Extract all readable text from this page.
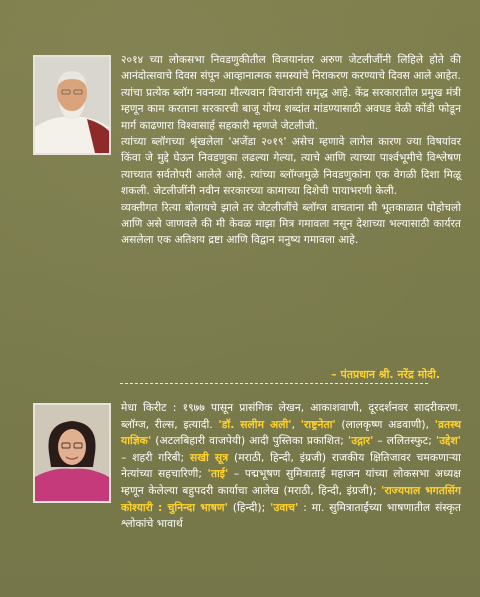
२०१४ च्या लोकसभा निवडणुकीतील विजयानंतर अरुण जेटलीजींनी लिहिले होते की आनंदोत्सवाचे दिवस संपून आव्हानात्मक समस्यांचे निराकरण करण्याचे दिवस आले आहेत.

त्यांचा प्रत्येक ब्लॉग नवनव्या मौल्यवान विचारांनी समृद्ध आहे. केंद्र सरकारातील प्रमुख मंत्री म्हणून काम करताना सरकारची बाजू योग्य शब्दांत मांडण्यासाठी अवघड वेळी कोंडी फोडून मार्ग काढणारा विश्वासार्ह सहकारी म्हणजे जेटलीजी.

त्यांच्या ब्लॉगच्या श्रृंखलेला 'अजेंडा २०१९' असेच म्हणावे लागेल कारण ज्या विषयांवर किंवा जे मुद्दे घेऊन निवडणुका लढल्या गेल्या, त्याचे आणि त्याच्या पार्श्वभूमीचे विश्लेषण त्याच्यात सर्वतोपरी आलेले आहे. त्यांच्या ब्लॉग्जमुळे निवडणुकांना एक वेगळी दिशा मिळू शकली. जेटलीजींनी नवीन सरकारच्या कामाच्या दिशेची पायाभरणी केली.

व्यक्तीगत रित्या बोलायचे झाले तर जेटलीजींचे ब्लॉग्ज वाचताना मी भूतकाळात पोहोचलो आणि असे जाणवले की मी केवळ माझा मित्र गमावला नसून देशाच्या भल्यासाठी कार्यरत असलेला एक अतिशय द्रष्टा आणि विद्वान मनुष्य गमावला आहे.

– पंतप्रधान श्री. नरेंद्र मोदी.

मेधा किरीट : १९७७ पासून प्रासंगिक लेखन, आकाशवाणी, दूरदर्शनवर सादरीकरण. ब्लॉग्ज, रील्स, इत्यादी. 'डॉ. सलीम अली', 'राष्ट्रनेता' (लालकृष्ण अडवाणी), 'व्रतस्थ याज्ञिक' (अटलबिहारी वाजपेयी) आदी पुस्तिका प्रकाशित; 'उद्गार' – ललितस्फुट; 'उद्देश' – शहरी गरिबी; सखी सूत्र (मराठी, हिन्दी, इंग्रजी) राजकीय क्षितिजावर चमकणाऱ्या नेत्यांच्या सहचारिणी; 'ताई' – पद्मभूषण सुमित्राताई महाजन यांच्या लोकसभा अध्यक्ष म्हणून केलेल्या बहुपदरी कार्याचा आलेख (मराठी, हिन्दी, इंग्रजी); 'राज्यपाल भगतसिंग कोश्यारी : चुनिन्दा भाषण' (हिन्दी); 'उवाच' : मा. सुमित्राताईंच्या भाषणातील संस्कृत श्लोकांचे भावार्थ
